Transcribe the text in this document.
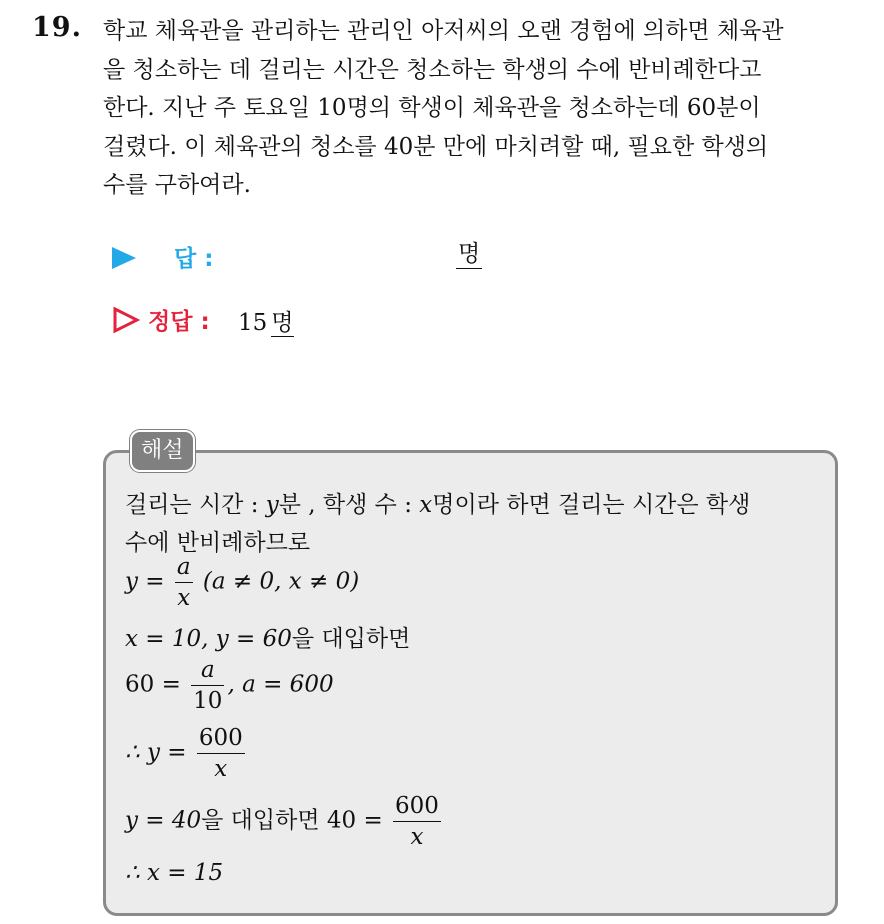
19. 학교 체육관을 관리하는 관리인 아저씨의 오랜 경험에 의하면 체육관
을 청소하는 데 걸리는 시간은 청소하는 학생의 수에 반비례한다고
한다. 지난 주 토요일 10명의 학생이 체육관을 청소하는데 60분이
걸렸다. 이 체육관의 청소를 40분 만에 마치려할 때, 필요한 학생의
수를 구하여라.
답 :	명
정답 : 15 명
해설
걸리는 시간 : y분 , 학생 수 : x명이라 하면 걸리는 시간은 학생
수에 반비례하므로
$y = \frac{a}{x} (a \ne 0$, x ≠ 0)
x = 10, y = 60을 대입하면
$60 = \frac{a}{10}$ , a = 600
∴ $y = \frac{600}{x}$
y = 40을 대입하면 $40 = \frac{600}{x}$
∴ x = 15
